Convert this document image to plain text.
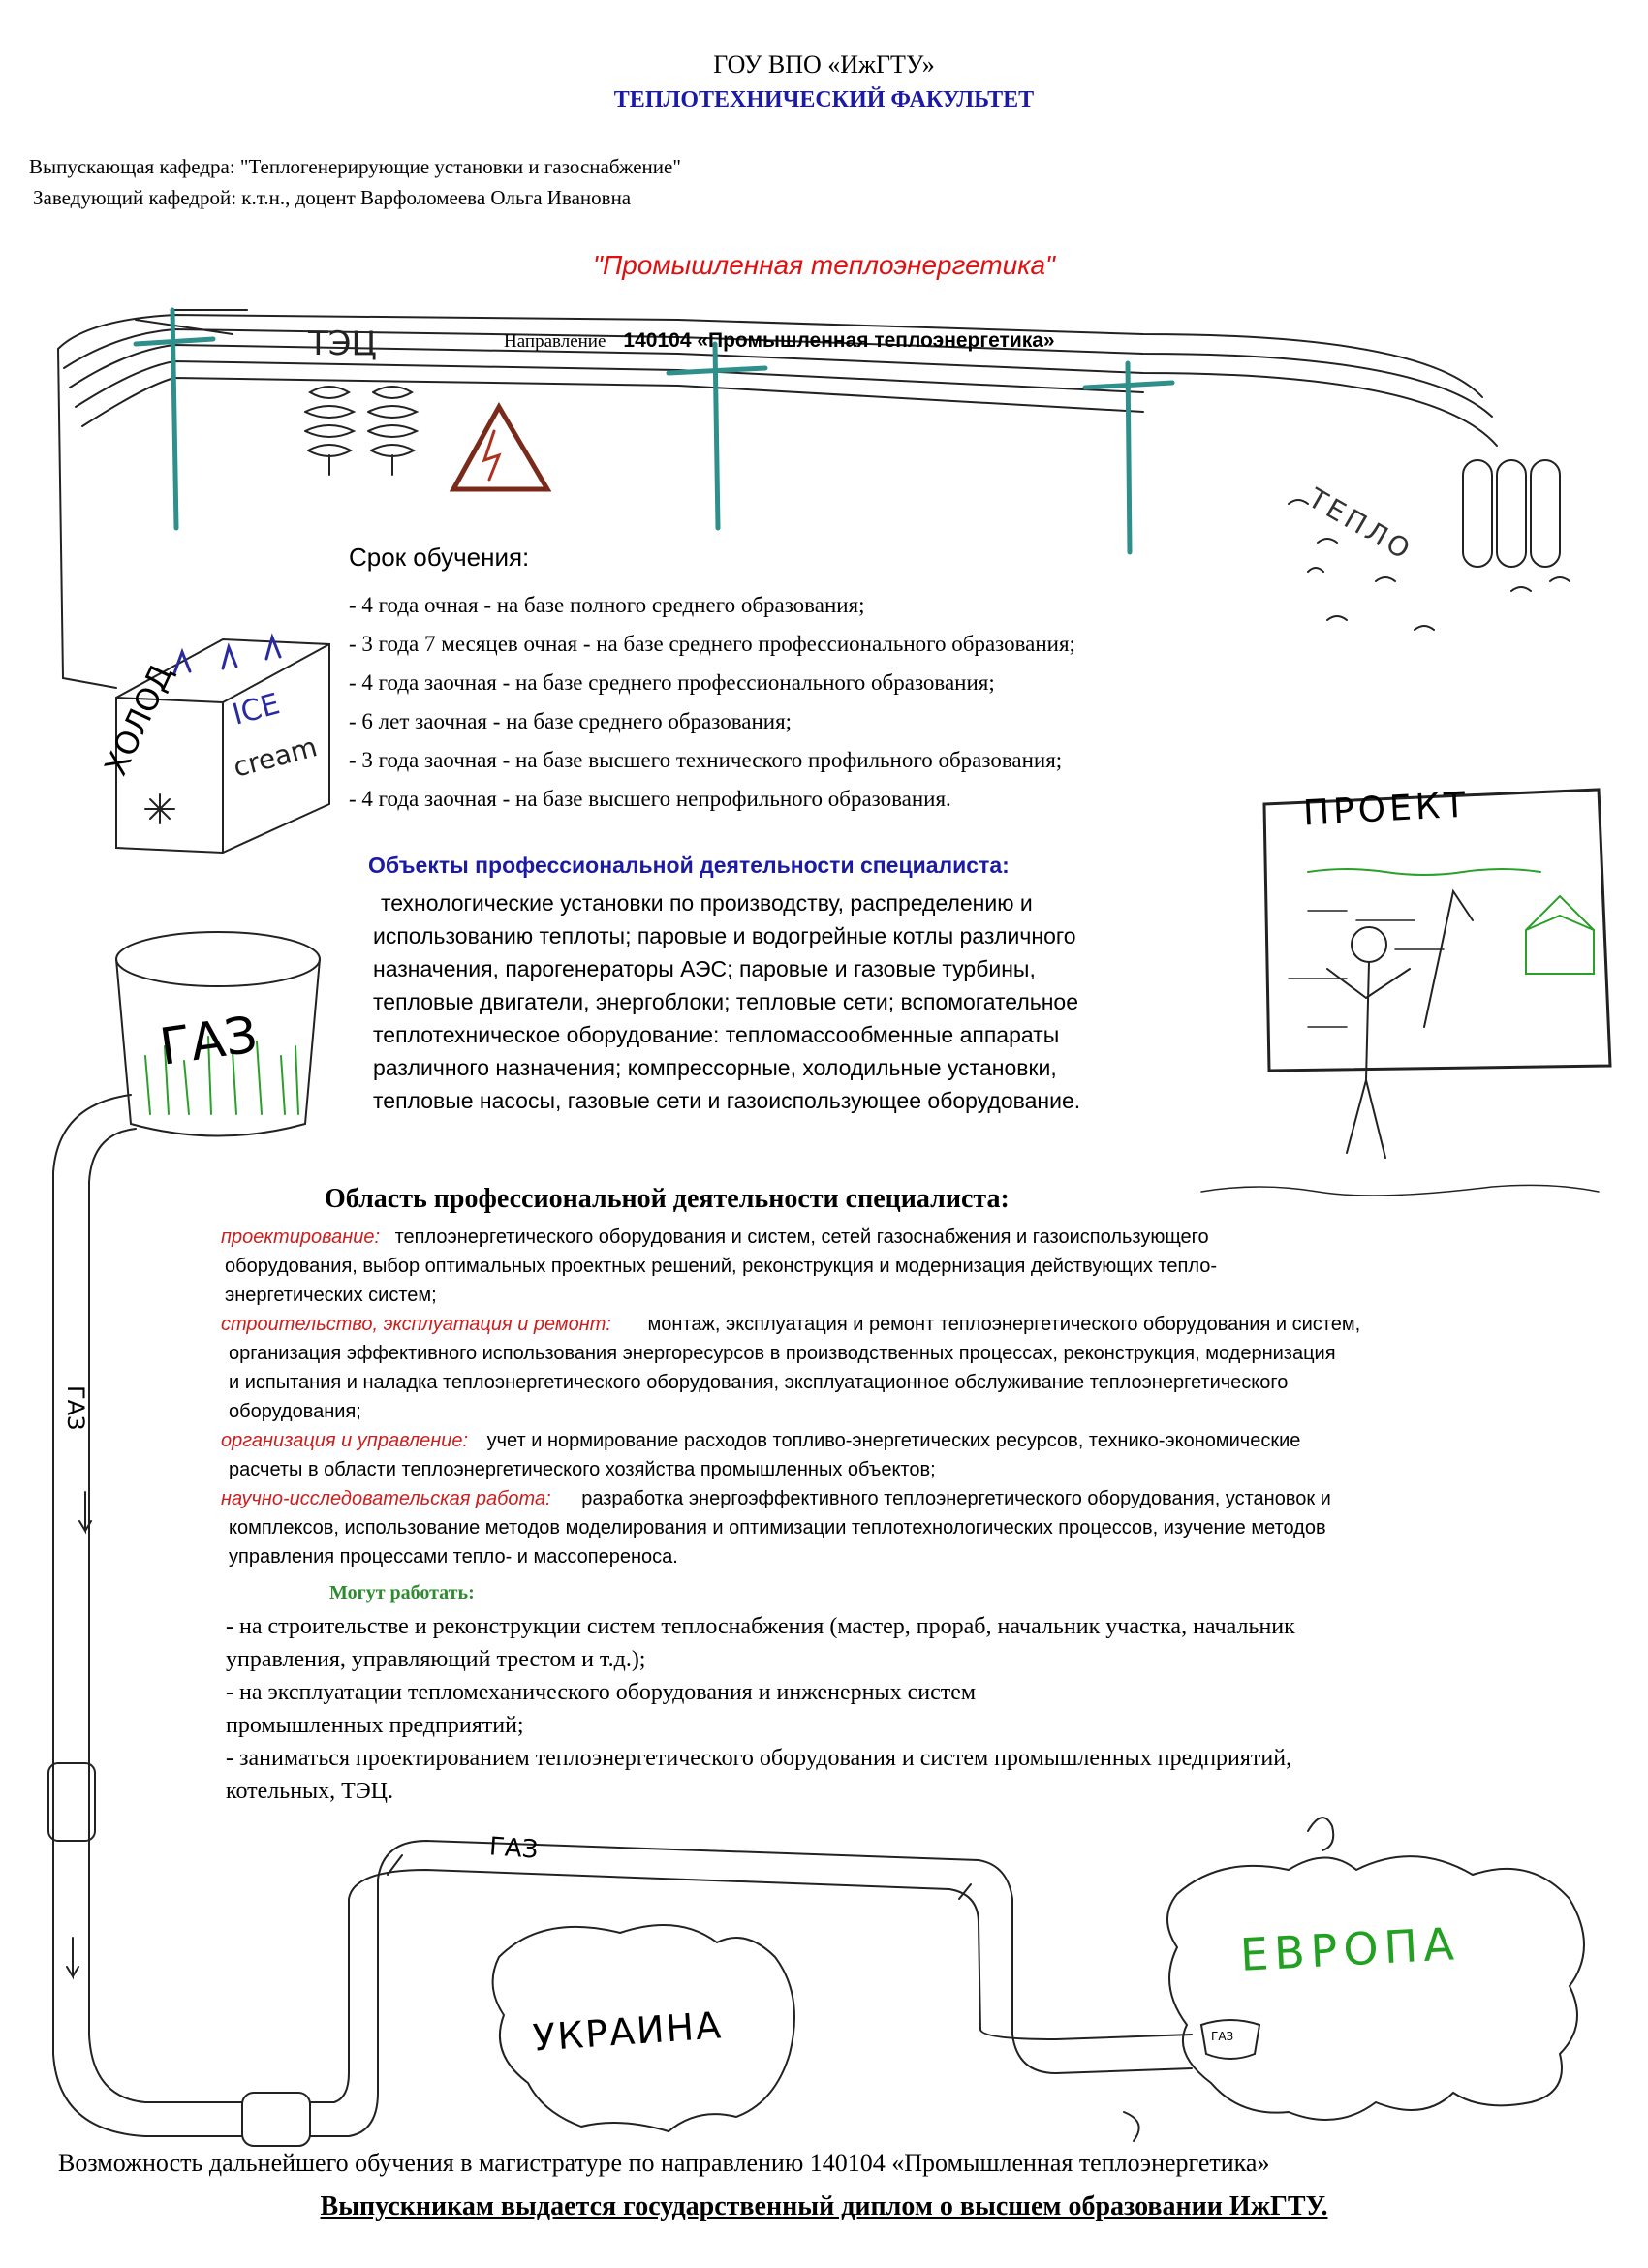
ГОУ ВПО «ИжГТУ»
ТЕПЛОТЕХНИЧЕСКИЙ ФАКУЛЬТЕТ
Выпускающая кафедра: "Теплогенерирующие установки и газоснабжение"
Заведующий кафедрой: к.т.н., доцент Варфоломеева Ольга Ивановна
"Промышленная теплоэнергетика"
Направление 140104 «Промышленная теплоэнергетика»
ТЭЦ
ТЕПЛО
ХОЛОД ICE
cream
ПРОЕКТ
ГАЗ
ГАЗ
ГАЗ
УКРАИНА
ЕВРОПА
ГАЗ
Срок обучения:
- 4 года очная - на базе полного среднего образования;
- 3 года 7 месяцев очная - на базе среднего профессионального образования;
- 4 года заочная - на базе среднего профессионального образования;
- 6 лет заочная - на базе среднего образования;
- 3 года заочная - на базе высшего технического профильного образования;
- 4 года заочная - на базе высшего непрофильного образования.
Объекты профессиональной деятельности специалиста:
технологические установки по производству, распределению и
использованию теплоты; паровые и водогрейные котлы различного
назначения, парогенераторы АЭС; паровые и газовые турбины,
тепловые двигатели, энергоблоки; тепловые сети; вспомогательное
теплотехническое оборудование: тепломассообменные аппараты
различного назначения; компрессорные, холодильные установки,
тепловые насосы, газовые сети и газоиспользующее оборудование.
Область профессиональной деятельности специалиста:
проектирование: теплоэнергетического оборудования и систем, сетей газоснабжения и газоиспользующего
оборудования, выбор оптимальных проектных решений, реконструкция и модернизация действующих тепло-
энергетических систем;
строительство, эксплуатация и ремонт: монтаж, эксплуатация и ремонт теплоэнергетического оборудования и систем,
организация эффективного использования энергоресурсов в производственных процессах, реконструкция, модернизация
и испытания и наладка теплоэнергетического оборудования, эксплуатационное обслуживание теплоэнергетического
оборудования;
организация и управление: учет и нормирование расходов топливо-энергетических ресурсов, технико-экономические
расчеты в области теплоэнергетического хозяйства промышленных объектов;
научно-исследовательская работа: разработка энергоэффективного теплоэнергетического оборудования, установок и
комплексов, использование методов моделирования и оптимизации теплотехнологических процессов, изучение методов
управления процессами тепло- и массопереноса.
Могут работать:
- на строительстве и реконструкции систем теплоснабжения (мастер, прораб, начальник участка, начальник
управления, управляющий трестом и т.д.);
- на эксплуатации тепломеханического оборудования и инженерных систем
промышленных предприятий;
- заниматься проектированием теплоэнергетического оборудования и систем промышленных предприятий,
котельных, ТЭЦ.
Возможность дальнейшего обучения в магистратуре по направлению 140104 «Промышленная теплоэнергетика»
Выпускникам выдается государственный диплом о высшем образовании ИжГТУ.
